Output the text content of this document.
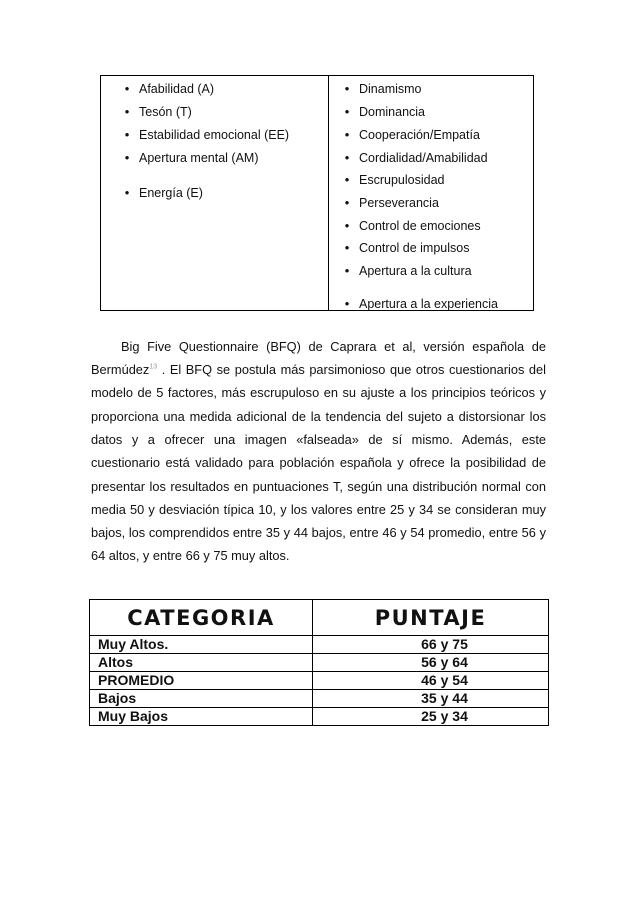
• Afabilidad (A)
• Tesón (T)
• Estabilidad emocional (EE)
• Apertura mental (AM)
• Energía (E)
• Dinamismo
• Dominancia
• Cooperación/Empatía
• Cordialidad/Amabilidad
• Escrupulosidad
• Perseverancia
• Control de emociones
• Control de impulsos
• Apertura a la cultura
• Apertura a la experiencia

Big Five Questionnaire (BFQ) de Caprara et al, versión española de Bermúdez$^{13}$ . El BFQ se postula más parsimonioso que otros cuestionarios del modelo de 5 factores, más escrupuloso en su ajuste a los principios teóricos y proporciona una medida adicional de la tendencia del sujeto a distorsionar los datos y a ofrecer una imagen «falseada» de sí mismo. Además, este cuestionario está validado para población española y ofrece la posibilidad de presentar los resultados en puntuaciones T, según una distribución normal con media 50 y desviación típica 10, y los valores entre 25 y 34 se consideran muy bajos, los comprendidos entre 35 y 44 bajos, entre 46 y 54 promedio, entre 56 y 64 altos, y entre 66 y 75 muy altos.

CATEGORIA	PUNTAJE
Muy Altos.	66 y 75
Altos	56 y 64
PROMEDIO	46 y 54
Bajos	35 y 44
Muy Bajos	25 y 34
